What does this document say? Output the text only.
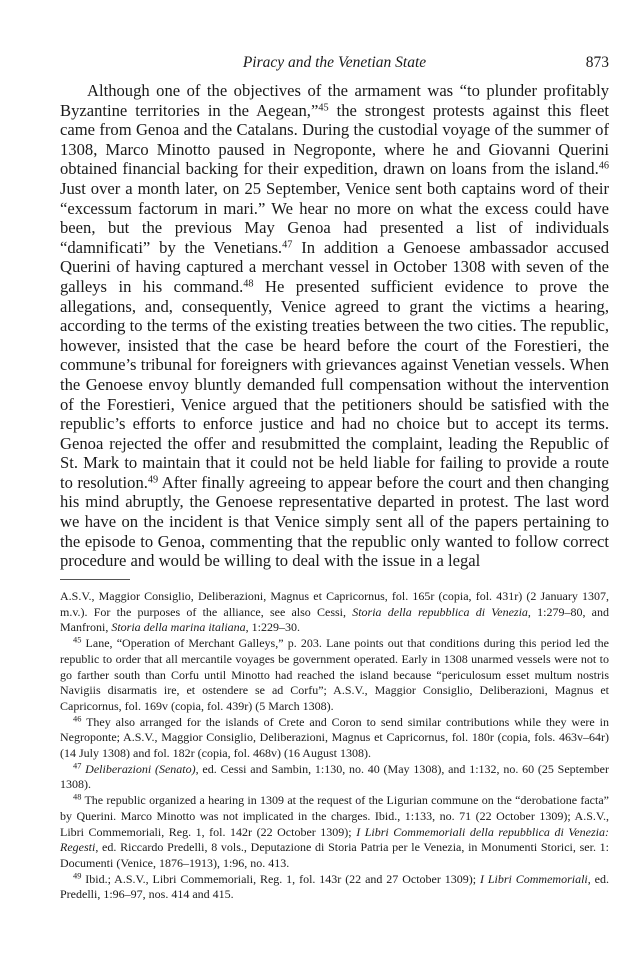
Piracy and the Venetian State	873

Although one of the objectives of the armament was “to plunder profitably Byzantine territories in the Aegean,”$^{45}$ the strongest protests against this fleet came from Genoa and the Catalans. During the custodial voyage of the summer of 1308, Marco Minotto paused in Negroponte, where he and Giovanni Querini obtained financial backing for their expedition, drawn on loans from the island.$^{46}$ Just over a month later, on 25 September, Venice sent both captains word of their “excessum factorum in mari.” We hear no more on what the excess could have been, but the previous May Genoa had presented a list of individuals “damnificati” by the Venetians.$^{47}$ In addition a Genoese ambassador accused Querini of having captured a merchant vessel in October 1308 with seven of the galleys in his command.$^{48}$ He presented sufficient evidence to prove the allegations, and, consequently, Venice agreed to grant the victims a hearing, according to the terms of the existing treaties between the two cities. The republic, however, insisted that the case be heard before the court of the Forestieri, the commune’s tribunal for foreigners with grievances against Venetian vessels. When the Genoese envoy bluntly demanded full compensation without the intervention of the Forestieri, Venice argued that the petitioners should be satisfied with the republic’s efforts to enforce justice and had no choice but to accept its terms. Genoa rejected the offer and resubmitted the complaint, leading the Republic of St. Mark to maintain that it could not be held liable for failing to provide a route to resolution.$^{49}$ After finally agreeing to appear before the court and then changing his mind abruptly, the Genoese representative departed in protest. The last word we have on the incident is that Venice simply sent all of the papers pertaining to the episode to Genoa, commenting that the republic only wanted to follow correct procedure and would be willing to deal with the issue in a legal

A.S.V., Maggior Consiglio, Deliberazioni, Magnus et Capricornus, fol. 165r (copia, fol. 431r) (2 January 1307, m.v.). For the purposes of the alliance, see also Cessi, Storia della repubblica di Venezia, 1:279–80, and Manfroni, Storia della marina italiana, 1:229–30.

$^{45}$ Lane, “Operation of Merchant Galleys,” p. 203. Lane points out that conditions during this period led the republic to order that all mercantile voyages be government operated. Early in 1308 unarmed vessels were not to go farther south than Corfu until Minotto had reached the island because “periculosum esset multum nostris Navigiis disarmatis ire, et ostendere se ad Corfu”; A.S.V., Maggior Consiglio, Deliberazioni, Magnus et Capricornus, fol. 169v (copia, fol. 439r) (5 March 1308).

$^{46}$ They also arranged for the islands of Crete and Coron to send similar contributions while they were in Negroponte; A.S.V., Maggior Consiglio, Deliberazioni, Magnus et Capricornus, fol. 180r (copia, fols. 463v–64r) (14 July 1308) and fol. 182r (copia, fol. 468v) (16 August 1308).

$^{47}$ Deliberazioni (Senato), ed. Cessi and Sambin, 1:130, no. 40 (May 1308), and 1:132, no. 60 (25 September 1308).

$^{48}$ The republic organized a hearing in 1309 at the request of the Ligurian commune on the “derobatione facta” by Querini. Marco Minotto was not implicated in the charges. Ibid., 1:133, no. 71 (22 October 1309); A.S.V., Libri Commemoriali, Reg. 1, fol. 142r (22 October 1309); I Libri Commemoriali della repubblica di Venezia: Regesti, ed. Riccardo Predelli, 8 vols., Deputazione di Storia Patria per le Venezia, in Monumenti Storici, ser. 1: Documenti (Venice, 1876–1913), 1:96, no. 413.

$^{49}$ Ibid.; A.S.V., Libri Commemoriali, Reg. 1, fol. 143r (22 and 27 October 1309); I Libri Commemoriali, ed. Predelli, 1:96–97, nos. 414 and 415.
